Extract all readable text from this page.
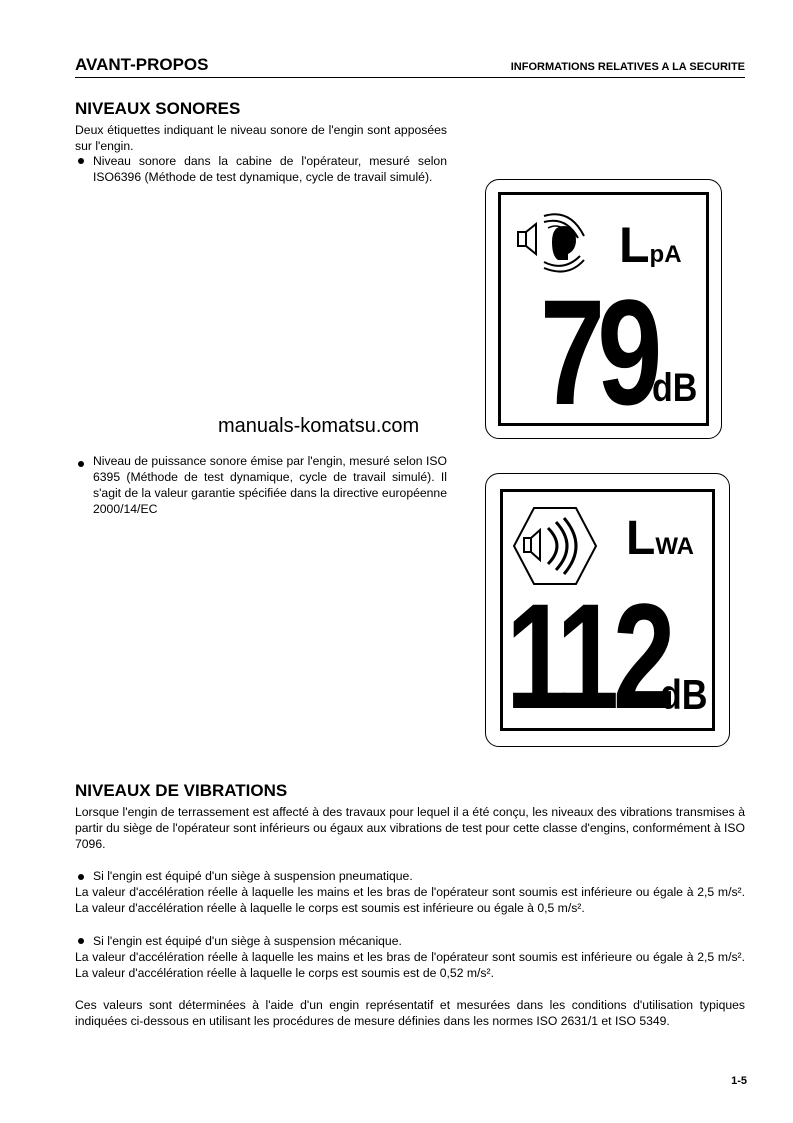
AVANT-PROPOS	INFORMATIONS RELATIVES A LA SECURITE
NIVEAUX SONORES
Deux étiquettes indiquant le niveau sonore de l'engin sont apposées sur l'engin.
Niveau sonore dans la cabine de l'opérateur, mesuré selon ISO6396 (Méthode de test dynamique, cycle de travail simulé).
LpA
79
dB
manuals-komatsu.com
Niveau de puissance sonore émise par l'engin, mesuré selon ISO 6395 (Méthode de test dynamique, cycle de travail simulé). Il s'agit de la valeur garantie spécifiée dans la directive européenne 2000/14/EC
LWA
112
dB
NIVEAUX DE VIBRATIONS
Lorsque l'engin de terrassement est affecté à des travaux pour lequel il a été conçu, les niveaux des vibrations transmises à partir du siège de l'opérateur sont inférieurs ou égaux aux vibrations de test pour cette classe d'engins, conformément à ISO 7096.
Si l'engin est équipé d'un siège à suspension pneumatique.
La valeur d'accélération réelle à laquelle les mains et les bras de l'opérateur sont soumis est inférieure ou égale à 2,5 m/s². La valeur d'accélération réelle à laquelle le corps est soumis est inférieure ou égale à 0,5 m/s².
Si l'engin est équipé d'un siège à suspension mécanique.
La valeur d'accélération réelle à laquelle les mains et les bras de l'opérateur sont soumis est inférieure ou égale à 2,5 m/s². La valeur d'accélération réelle à laquelle le corps est soumis est de 0,52 m/s².
Ces valeurs sont déterminées à l'aide d'un engin représentatif et mesurées dans les conditions d'utilisation typiques indiquées ci-dessous en utilisant les procédures de mesure définies dans les normes ISO 2631/1 et ISO 5349.
1-5
